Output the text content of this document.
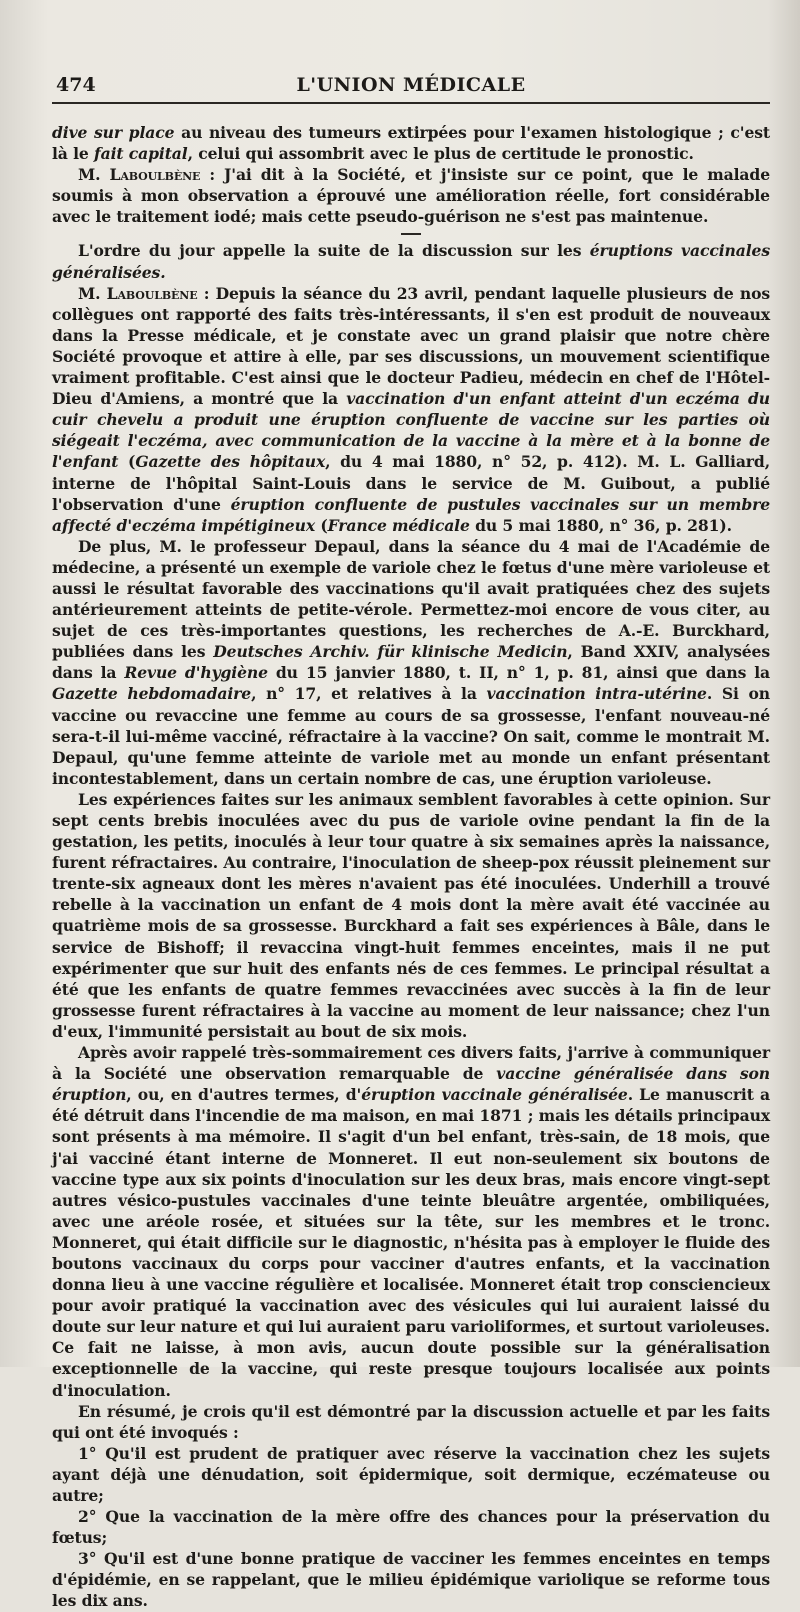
474	L'UNION MÉDICALE

dive sur place au niveau des tumeurs extirpées pour l'examen histologique ; c'est là le fait capital, celui qui assombrit avec le plus de certitude le pronostic.

M. Laboulbène : J'ai dit à la Société, et j'insiste sur ce point, que le malade soumis à mon observation a éprouvé une amélioration réelle, fort considérable avec le traitement iodé; mais cette pseudo-guérison ne s'est pas maintenue.

L'ordre du jour appelle la suite de la discussion sur les éruptions vaccinales généralisées.

M. Laboulbène : Depuis la séance du 23 avril, pendant laquelle plusieurs de nos collègues ont rapporté des faits très-intéressants, il s'en est produit de nouveaux dans la Presse médicale, et je constate avec un grand plaisir que notre chère Société provoque et attire à elle, par ses discussions, un mouvement scientifique vraiment profitable. C'est ainsi que le docteur Padieu, médecin en chef de l'Hôtel-Dieu d'Amiens, a montré que la vaccination d'un enfant atteint d'un eczéma du cuir chevelu a produit une éruption confluente de vaccine sur les parties où siégeait l'eczéma, avec communication de la vaccine à la mère et à la bonne de l'enfant (Gazette des hôpitaux, du 4 mai 1880, n° 52, p. 412). M. L. Galliard, interne de l'hôpital Saint-Louis dans le service de M. Guibout, a publié l'observation d'une éruption confluente de pustules vaccinales sur un membre affecté d'eczéma impétigineux (France médicale du 5 mai 1880, n° 36, p. 281).

De plus, M. le professeur Depaul, dans la séance du 4 mai de l'Académie de médecine, a présenté un exemple de variole chez le fœtus d'une mère varioleuse et aussi le résultat favorable des vaccinations qu'il avait pratiquées chez des sujets antérieurement atteints de petite-vérole. Permettez-moi encore de vous citer, au sujet de ces très-importantes questions, les recherches de A.-E. Burckhard, publiées dans les Deutsches Archiv. für klinische Medicin, Band XXIV, analysées dans la Revue d'hygiène du 15 janvier 1880, t. II, n° 1, p. 81, ainsi que dans la Gazette hebdomadaire, n° 17, et relatives à la vaccination intra-utérine. Si on vaccine ou revaccine une femme au cours de sa grossesse, l'enfant nouveau-né sera-t-il lui-même vacciné, réfractaire à la vaccine? On sait, comme le montrait M. Depaul, qu'une femme atteinte de variole met au monde un enfant présentant incontestablement, dans un certain nombre de cas, une éruption varioleuse.

Les expériences faites sur les animaux semblent favorables à cette opinion. Sur sept cents brebis inoculées avec du pus de variole ovine pendant la fin de la gestation, les petits, inoculés à leur tour quatre à six semaines après la naissance, furent réfractaires. Au contraire, l'inoculation de sheep-pox réussit pleinement sur trente-six agneaux dont les mères n'avaient pas été inoculées. Underhill a trouvé rebelle à la vaccination un enfant de 4 mois dont la mère avait été vaccinée au quatrième mois de sa grossesse. Burckhard a fait ses expériences à Bâle, dans le service de Bishoff; il revaccina vingt-huit femmes enceintes, mais il ne put expérimenter que sur huit des enfants nés de ces femmes. Le principal résultat a été que les enfants de quatre femmes revaccinées avec succès à la fin de leur grossesse furent réfractaires à la vaccine au moment de leur naissance; chez l'un d'eux, l'immunité persistait au bout de six mois.

Après avoir rappelé très-sommairement ces divers faits, j'arrive à communiquer à la Société une observation remarquable de vaccine généralisée dans son éruption, ou, en d'autres termes, d'éruption vaccinale généralisée. Le manuscrit a été détruit dans l'incendie de ma maison, en mai 1871 ; mais les détails principaux sont présents à ma mémoire. Il s'agit d'un bel enfant, très-sain, de 18 mois, que j'ai vacciné étant interne de Monneret. Il eut non-seulement six boutons de vaccine type aux six points d'inoculation sur les deux bras, mais encore vingt-sept autres vésico-pustules vaccinales d'une teinte bleuâtre argentée, ombiliquées, avec une aréole rosée, et situées sur la tête, sur les membres et le tronc. Monneret, qui était difficile sur le diagnostic, n'hésita pas à employer le fluide des boutons vaccinaux du corps pour vacciner d'autres enfants, et la vaccination donna lieu à une vaccine régulière et localisée. Monneret était trop consciencieux pour avoir pratiqué la vaccination avec des vésicules qui lui auraient laissé du doute sur leur nature et qui lui auraient paru varioliformes, et surtout varioleuses. Ce fait ne laisse, à mon avis, aucun doute possible sur la généralisation exceptionnelle de la vaccine, qui reste presque toujours localisée aux points d'inoculation.

En résumé, je crois qu'il est démontré par la discussion actuelle et par les faits qui ont été invoqués :

1° Qu'il est prudent de pratiquer avec réserve la vaccination chez les sujets ayant déjà une dénudation, soit épidermique, soit dermique, eczémateuse ou autre;

2° Que la vaccination de la mère offre des chances pour la préservation du fœtus;

3° Qu'il est d'une bonne pratique de vacciner les femmes enceintes en temps d'épidémie, en se rappelant, que le milieu épidémique variolique se reforme tous les dix ans.
